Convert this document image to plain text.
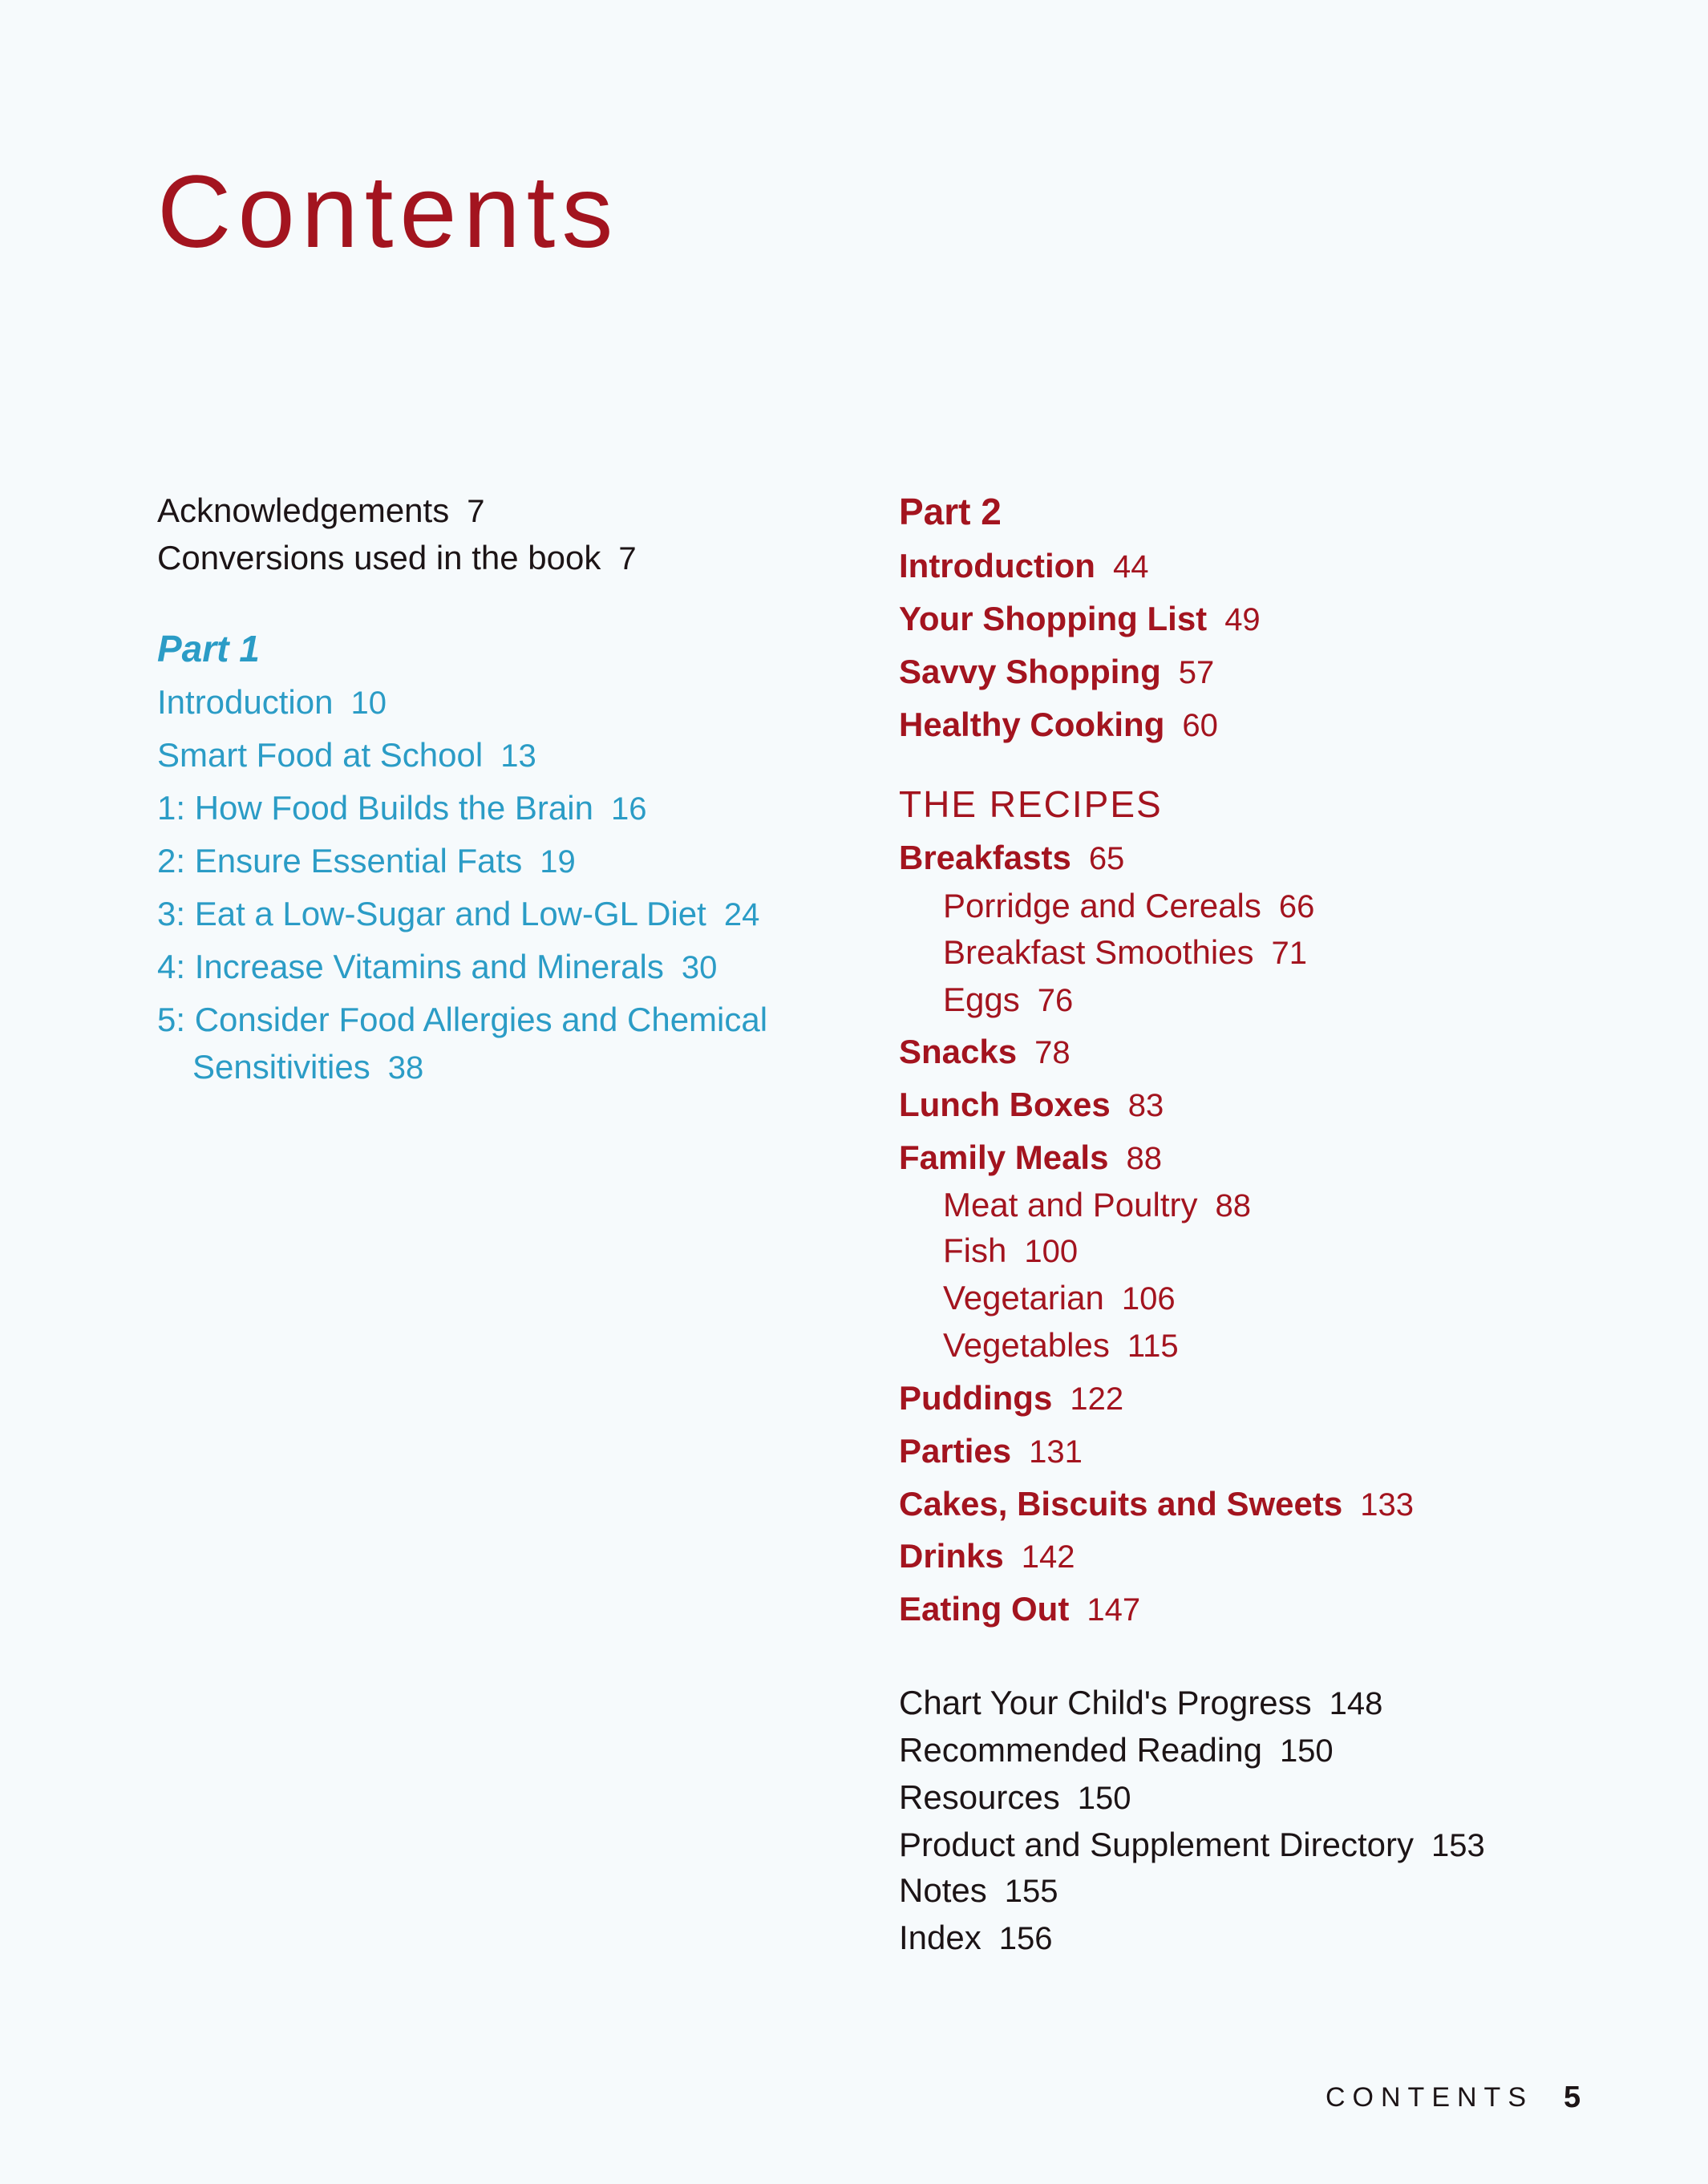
Contents
Acknowledgements 7
Conversions used in the book 7
Part 1
Introduction 10
Smart Food at School 13
1: How Food Builds the Brain 16
2: Ensure Essential Fats 19
3: Eat a Low-Sugar and Low-GL Diet 24
4: Increase Vitamins and Minerals 30
5: Consider Food Allergies and Chemical
Sensitivities 38
Part 2
Introduction 44
Your Shopping List 49
Savvy Shopping 57
Healthy Cooking 60
THE RECIPES
Breakfasts 65
Porridge and Cereals 66
Breakfast Smoothies 71
Eggs 76
Snacks 78
Lunch Boxes 83
Family Meals 88
Meat and Poultry 88
Fish 100
Vegetarian 106
Vegetables 115
Puddings 122
Parties 131
Cakes, Biscuits and Sweets 133
Drinks 142
Eating Out 147
Chart Your Child's Progress 148
Recommended Reading 150
Resources 150
Product and Supplement Directory 153
Notes 155
Index 156
CONTENTS 5
